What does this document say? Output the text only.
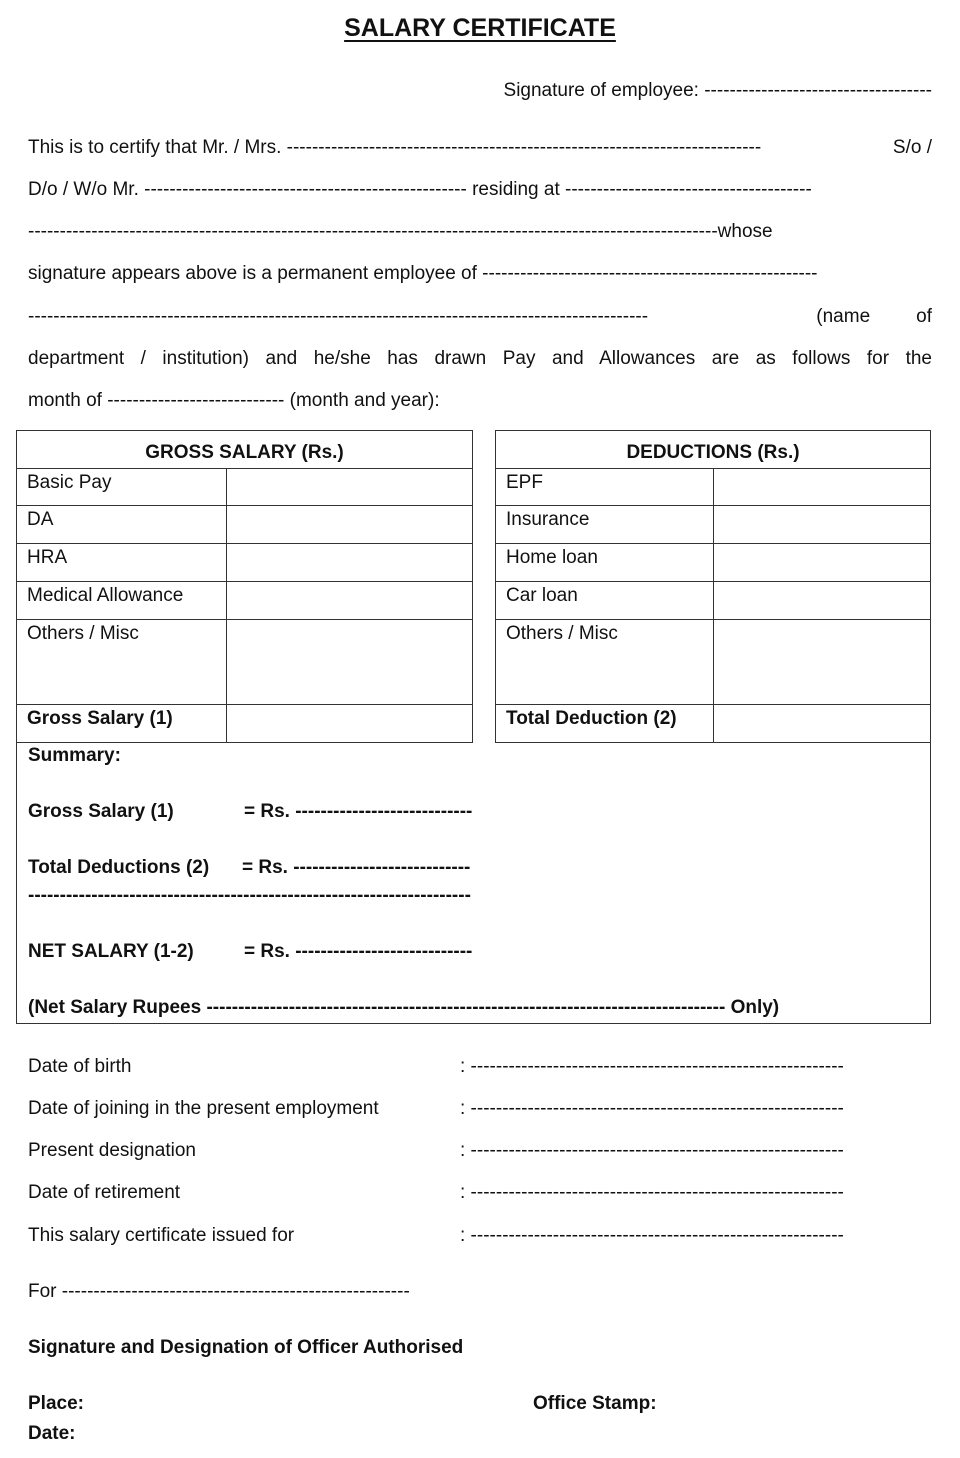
SALARY CERTIFICATE
Signature of employee: ------------------------------------
This is to certify that Mr. / Mrs. ---------------------------------------------------------------------------	S/o /
D/o / W/o Mr. --------------------------------------------------- residing at ---------------------------------------
-------------------------------------------------------------------------------------------------------------whose
signature appears above is a permanent employee of -----------------------------------------------------
--------------------------------------------------------------------------------------------------	(name of
department / institution) and he/she has drawn Pay and Allowances are as follows for the
month of ---------------------------- (month and year):
GROSS SALARY (Rs.)	
Basic Pay	
DA	
HRA	
Medical Allowance	
Others / Misc	
Gross Salary (1)	
DEDUCTIONS (Rs.)	
EPF	
Insurance	
Home loan	
Car loan	
Others / Misc	
Total Deduction (2)	
Summary:
Gross Salary (1)	= Rs. ----------------------------
Total Deductions (2) = Rs. ----------------------------
----------------------------------------------------------------------
NET SALARY (1-2)	= Rs. ----------------------------
(Net Salary Rupees ---------------------------------------------------------------------------------- Only)
Date of birth	: -----------------------------------------------------------
Date of joining in the present employment	: -----------------------------------------------------------
Present designation	: -----------------------------------------------------------
Date of retirement	: -----------------------------------------------------------
This salary certificate issued for	: -----------------------------------------------------------
For -------------------------------------------------------
Signature and Designation of Officer Authorised
Place:
Date:
Office Stamp:
